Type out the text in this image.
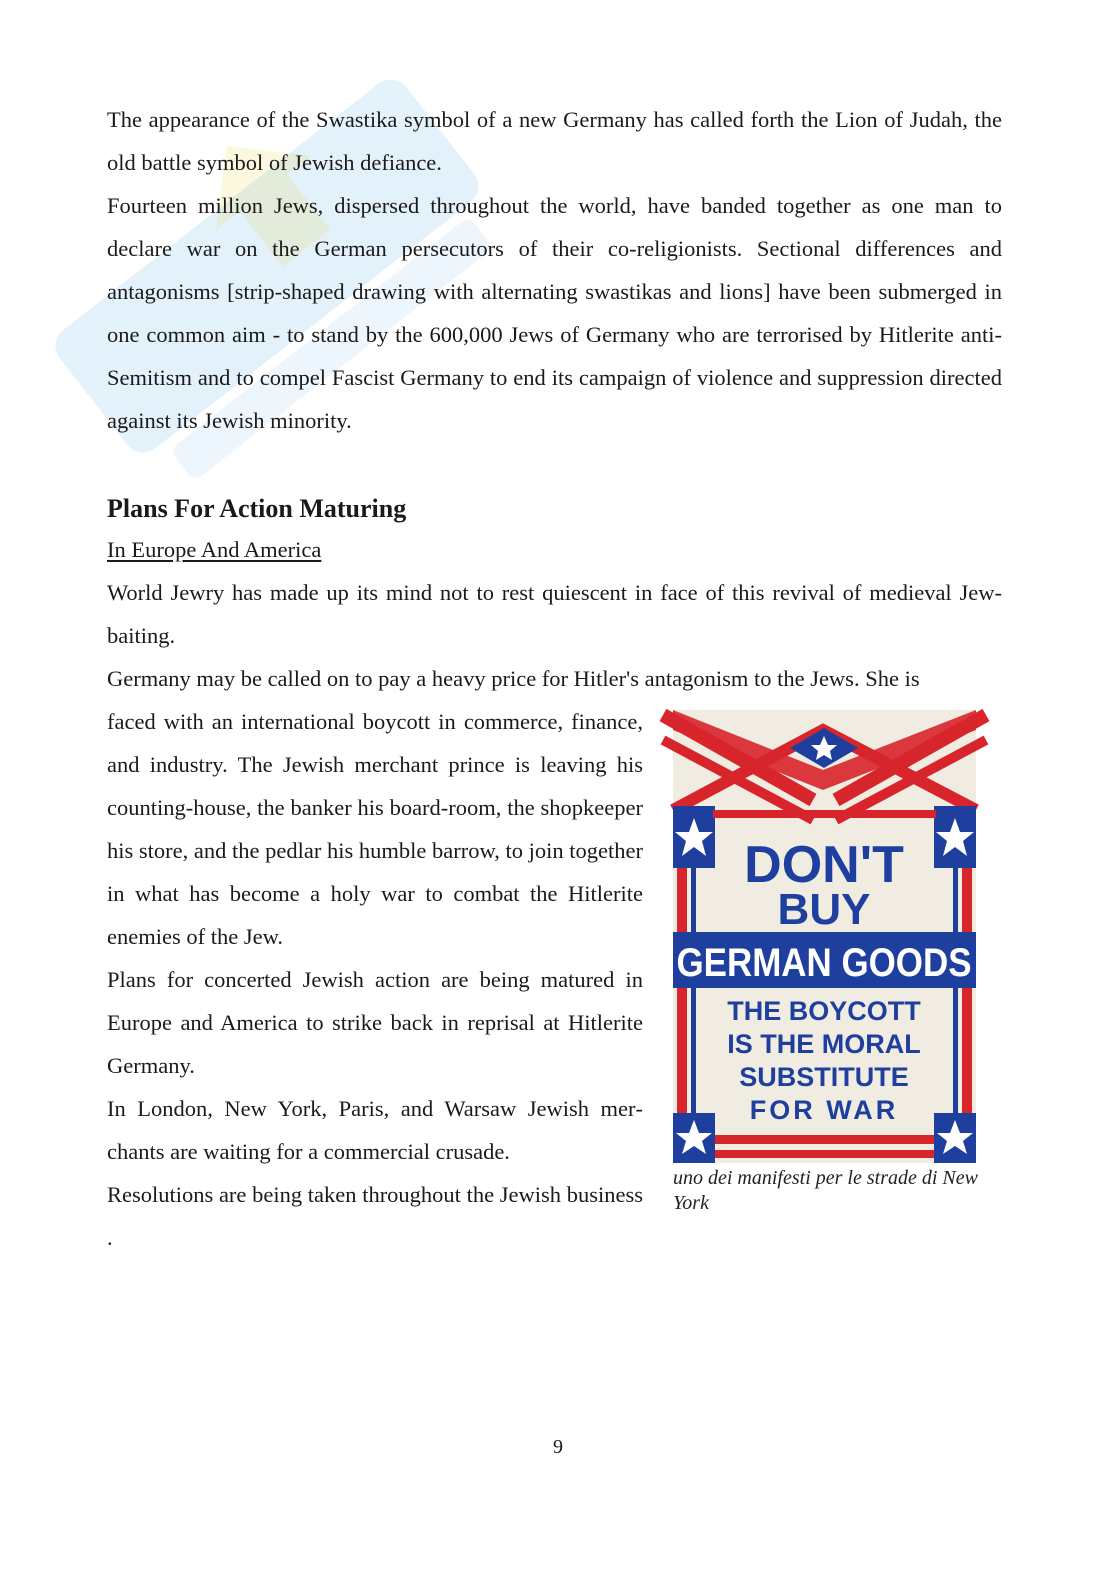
The appearance of the Swastika symbol of a new Germany has called forth the Lion of Judah, the old battle symbol of Jewish defiance.

Fourteen million Jews, dispersed throughout the world, have banded together as one man to declare war on the German persecutors of their co-religionists. Sectional differences and antagonisms [strip-shaped drawing with alternating swastikas and lions] have been submerged in one common aim - to stand by the 600,000 Jews of Germany who are terrorised by Hitlerite anti-Semitism and to compel Fascist Germany to end its campaign of violence and suppression directed against its Jewish minority.

Plans For Action Maturing

In Europe And America

World Jewry has made up its mind not to rest quiescent in face of this revival of medieval Jew-baiting.

Germany may be called on to pay a heavy price for Hitler's antagonism to the Jews. She is

DON'T
BUY
GERMAN GOODS
THE BOYCOTT
IS THE MORAL
SUBSTITUTE
FOR WAR
uno dei manifesti per le strade di New York

faced with an international boycott in commerce, finance, and industry. The Jewish merchant prince is leaving his counting-house, the banker his board-room, the shopkeeper his store, and the pedlar his humble barrow, to join together in what has become a holy war to combat the Hitlerite enemies of the Jew.

Plans for concerted Jewish action are being matured in Europe and America to strike back in reprisal at Hitlerite Germany.

In London, New York, Paris, and Warsaw Jewish merchants are waiting for a commercial crusade.

Resolutions are being taken throughout the Jewish business .

9
